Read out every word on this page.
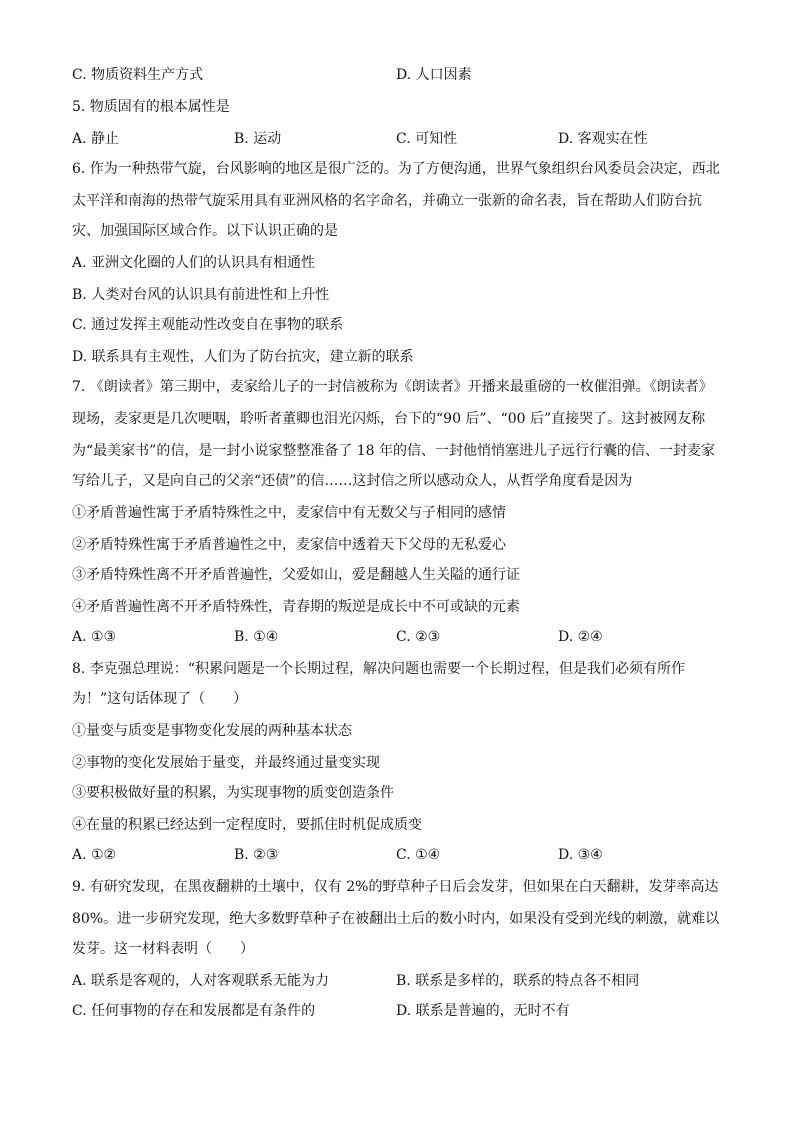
C. 物质资料生产方式	D. 人口因素
5. 物质固有的根本属性是
A. 静止	B. 运动	C. 可知性	D. 客观实在性
6. 作为一种热带气旋，台风影响的地区是很广泛的。为了方便沟通，世界气象组织台风委员会决定，西北
太平洋和南海的热带气旋采用具有亚洲风格的名字命名，并确立一张新的命名表，旨在帮助人们防台抗
灾、加强国际区域合作。以下认识正确的是
A. 亚洲文化圈的人们的认识具有相通性
B. 人类对台风的认识具有前进性和上升性
C. 通过发挥主观能动性改变自在事物的联系
D. 联系具有主观性，人们为了防台抗灾，建立新的联系
7. 《朗读者》第三期中，麦家给儿子的一封信被称为《朗读者》开播来最重磅的一枚催泪弹。《朗读者》
现场，麦家更是几次哽咽，聆听者董卿也泪光闪烁，台下的“90 后”、“00 后”直接哭了。这封被网友称
为“最美家书”的信，是一封小说家整整准备了 18 年的信、一封他悄悄塞进儿子远行行囊的信、一封麦家
写给儿子，又是向自己的父亲“还债”的信……这封信之所以感动众人，从哲学角度看是因为
①矛盾普遍性寓于矛盾特殊性之中，麦家信中有无数父与子相同的感情
②矛盾特殊性寓于矛盾普遍性之中，麦家信中透着天下父母的无私爱心
③矛盾特殊性离不开矛盾普遍性，父爱如山，爱是翻越人生关隘的通行证
④矛盾普遍性离不开矛盾特殊性，青春期的叛逆是成长中不可或缺的元素
A. ①③	B. ①④	C. ②③	D. ②④
8. 李克强总理说：“积累问题是一个长期过程，解决问题也需要一个长期过程，但是我们必须有所作
为！”这句话体现了（　　）
①量变与质变是事物变化发展的两种基本状态
②事物的变化发展始于量变，并最终通过量变实现
③要积极做好量的积累，为实现事物的质变创造条件
④在量的积累已经达到一定程度时，要抓住时机促成质变
A. ①②	B. ②③	C. ①④	D. ③④
9. 有研究发现，在黑夜翻耕的土壤中，仅有 2%的野草种子日后会发芽，但如果在白天翻耕，发芽率高达
80%。进一步研究发现，绝大多数野草种子在被翻出土后的数小时内，如果没有受到光线的刺激，就难以
发芽。这一材料表明（　　）
A. 联系是客观的，人对客观联系无能为力	B. 联系是多样的，联系的特点各不相同
C. 任何事物的存在和发展都是有条件的	D. 联系是普遍的，无时不有
